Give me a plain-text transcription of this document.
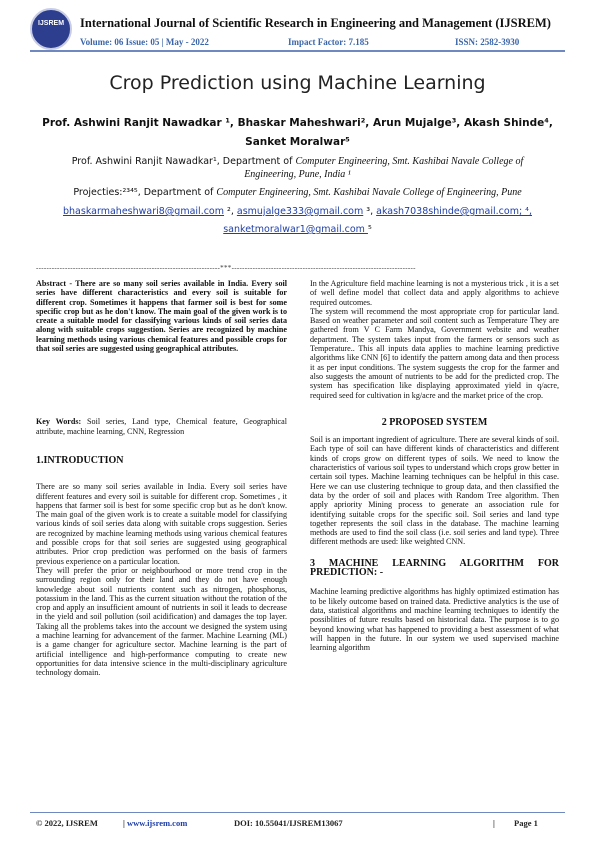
IJSREM	International Journal of Scientific Research in Engineering and Management (IJSREM)
Volume: 06 Issue: 05 | May - 2022	Impact Factor: 7.185	ISSN: 2582-3930
Crop Prediction using Machine Learning
Prof. Ashwini Ranjit Nawadkar ¹, Bhaskar Maheshwari², Arun Mujalge³, Akash Shinde⁴,
Sanket Moralwar⁵
Prof. Ashwini Ranjit Nawadkar¹, Department of Computer Engineering, Smt. Kashibai Navale College of Engineering, Pune, India ¹
Projecties:²³⁴⁵, Department of Computer Engineering, Smt. Kashibai Navale College of Engineering, Pune
bhaskarmaheshwari8@gmail.com ², asmujalge333@gmail.com ³, akash7038shinde@gmail.com; ⁴,
sanketmoralwar1@gmail.com ⁵
----------------------------------------------------------------------***----------------------------------------------------------------------

Abstract - There are so many soil series available in India. Every soil series have different characteristics and every soil is suitable for different crop. Sometimes it happens that farmer soil is best for some specific crop but as he don't know. The main goal of the given work is to create a suitable model for classifying various kinds of soil series data along with suitable crops suggestion. Series are recognized by machine learning methods using various chemical features and possible crops for that soil series are suggested using geographical attributes.

Key Words: Soil series, Land type, Chemical feature, Geographical attribute, machine learning, CNN, Regression

1.INTRODUCTION

There are so many soil series available in India. Every soil series have different features and every soil is suitable for different crop. Sometimes , it happens that farmer soil is best for some specific crop but as he don't know. The main goal of the given work is to create a suitable model for classifying various kinds of soil series data along with suitable crops suggestion. Series are recognized by machine learning methods using various chemical features and possible crops for that soil series are suggested using geographical attributes. Prior crop prediction was performed on the basis of farmers previous experience on a particular location.

They will prefer the prior or neighbourhood or more trend crop in the surrounding region only for their land and they do not have enough knowledge about soil nutrients content such as nitrogen, phosphorus, potassium in the land. This as the current situation without the rotation of the crop and apply an insufficient amount of nutrients in soil it leads to decrease in the yield and soil pollution (soil acidification) and damages the top layer. Taking all the problems takes into the account we designed the system using a machine learning for advancement of the farmer. Machine Learning (ML) is a game changer for agriculture sector. Machine learning is the part of artificial intelligence and high-performance computing to create new opportunities for data intensive science in the multi-disciplinary agriculture technology domain.

In the Agriculture field machine learning is not a mysterious trick , it is a set of well define model that collect data and apply algorithms to achieve required outcomes.

The system will recommend the most appropriate crop for particular land. Based on weather parameter and soil content such as Temperature They are gathered from V C Farm Mandya, Government website and weather department. The system takes input from the farmers or sensors such as Temperature.. This all inputs data applies to machine learning predictive algorithms like CNN [6] to identify the pattern among data and then process it as per input conditions. The system suggests the crop for the farmer and also suggests the amount of nutrients to be add for the predicted crop. The system has specification like displaying approximated yield in q/acre, required seed for cultivation in kg/acre and the market price of the crop.

2 PROPOSED SYSTEM

Soil is an important ingredient of agriculture. There are several kinds of soil. Each type of soil can have different kinds of characteristics and different kinds of crops grow on different types of soils. We need to know the characteristics of various soil types to understand which crops grow better in certain soil types. Machine learning techniques can be helpful in this case. Here we can use clustering technique to group data, and then classified the data by the order of soil and places with Random Tree algorithm. Then apply apriority Mining process to generate an association rule for identifying suitable crops for the specific soil. Soil series and land type together represents the soil class in the database. The machine learning methods are used to find the soil class (i.e. soil series and land type). Three different methods are used: like weighted CNN.

3 MACHINE LEARNING ALGORITHM FOR PREDICTION: -

Machine learning predictive algorithms has highly optimized estimation has to be likely outcome based on trained data. Predictive analytics is the use of data, statistical algorithms and machine learning techniques to identify the possiblities of future results based on historical data. The purpose is to go beyond knowing what has happened to providing a best assessment of what will happen in the future. In our system we used supervised machine learning algorithm

© 2022, IJSREM	| www.ijsrem.com	DOI: 10.55041/IJSREM13067	| Page 1
